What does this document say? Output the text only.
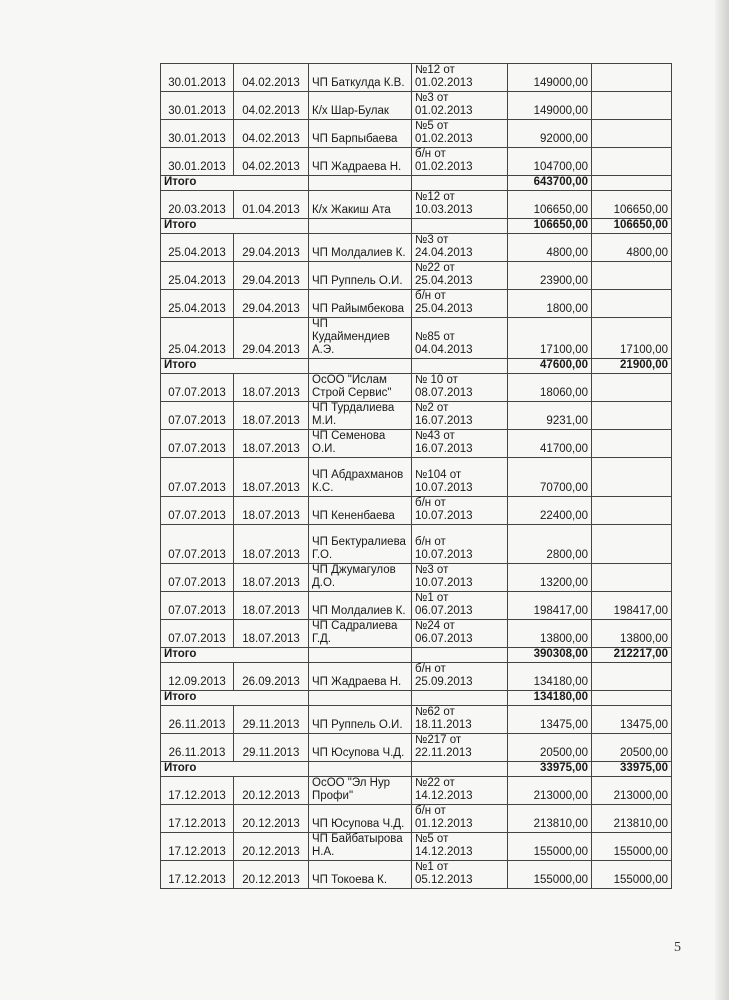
30.01.2013	04.02.2013	ЧП Баткулда К.В.	№12 от 01.02.2013	149000,00	
30.01.2013	04.02.2013	К/х Шар-Булак	№3 от 01.02.2013	149000,00	
30.01.2013	04.02.2013	ЧП Барпыбаева	№5 от 01.02.2013	92000,00	
30.01.2013	04.02.2013	ЧП Жадраева Н.	б/н от 01.02.2013	104700,00	
Итого				643700,00	
20.03.2013	01.04.2013	К/х Жакиш Ата	№12 от 10.03.2013	106650,00	106650,00
Итого				106650,00	106650,00
25.04.2013	29.04.2013	ЧП Молдалиев К.	№3 от 24.04.2013	4800,00	4800,00
25.04.2013	29.04.2013	ЧП Руппель О.И.	№22 от 25.04.2013	23900,00	
25.04.2013	29.04.2013	ЧП Райымбекова	б/н от 25.04.2013	1800,00	
25.04.2013	29.04.2013	ЧП Кудаймендиев А.Э.	№85 от 04.04.2013	17100,00	17100,00
Итого				47600,00	21900,00
07.07.2013	18.07.2013	ОсОО "Ислам Строй Сервис"	№ 10 от 08.07.2013	18060,00	
07.07.2013	18.07.2013	ЧП Турдалиева М.И.	№2 от 16.07.2013	9231,00	
07.07.2013	18.07.2013	ЧП Семенова О.И.	№43 от 16.07.2013	41700,00	
07.07.2013	18.07.2013	ЧП Абдрахманов К.С.	№104 от 10.07.2013	70700,00	
07.07.2013	18.07.2013	ЧП Кененбаева	б/н от 10.07.2013	22400,00	
07.07.2013	18.07.2013	ЧП Бектуралиева Г.О.	б/н от 10.07.2013	2800,00	
07.07.2013	18.07.2013	ЧП Джумагулов Д.О.	№3 от 10.07.2013	13200,00	
07.07.2013	18.07.2013	ЧП Молдалиев К.	№1 от 06.07.2013	198417,00	198417,00
07.07.2013	18.07.2013	ЧП Садралиева Г.Д.	№24 от 06.07.2013	13800,00	13800,00
Итого				390308,00	212217,00
12.09.2013	26.09.2013	ЧП Жадраева Н.	б/н от 25.09.2013	134180,00	
Итого				134180,00	
26.11.2013	29.11.2013	ЧП Руппель О.И.	№62 от 18.11.2013	13475,00	13475,00
26.11.2013	29.11.2013	ЧП Юсупова Ч.Д.	№217 от 22.11.2013	20500,00	20500,00
Итого				33975,00	33975,00
17.12.2013	20.12.2013	ОсОО "Эл Нур Профи"	№22 от 14.12.2013	213000,00	213000,00
17.12.2013	20.12.2013	ЧП Юсупова Ч.Д.	б/н от 01.12.2013	213810,00	213810,00
17.12.2013	20.12.2013	ЧП Байбатырова Н.А.	№5 от 14.12.2013	155000,00	155000,00
17.12.2013	20.12.2013	ЧП Токоева К.	№1 от 05.12.2013	155000,00	155000,00
5
